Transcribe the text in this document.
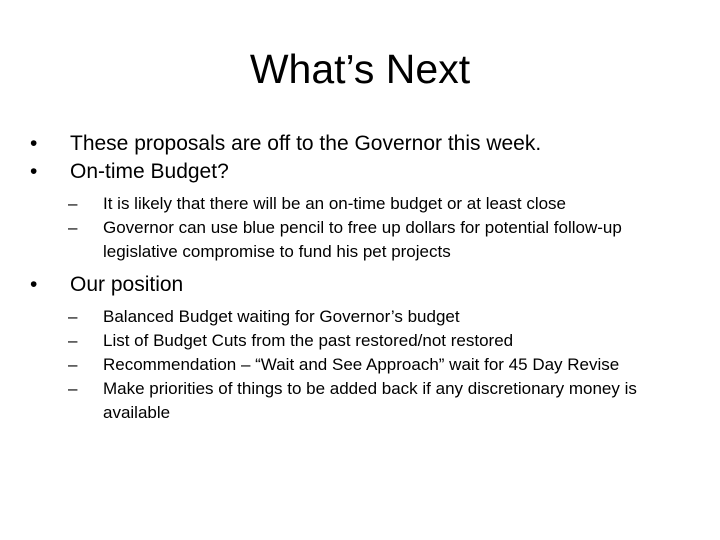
What’s Next

•	These proposals are off to the Governor this week.

•	On-time Budget?

– It is likely that there will be an on-time budget or at least close

– Governor can use blue pencil to free up dollars for potential follow-up legislative compromise to fund his pet projects

•	Our position

– Balanced Budget waiting for Governor’s budget

– List of Budget Cuts from the past restored/not restored

– Recommendation – “Wait and See Approach” wait for 45 Day Revise

– Make priorities of things to be added back if any discretionary money is available
